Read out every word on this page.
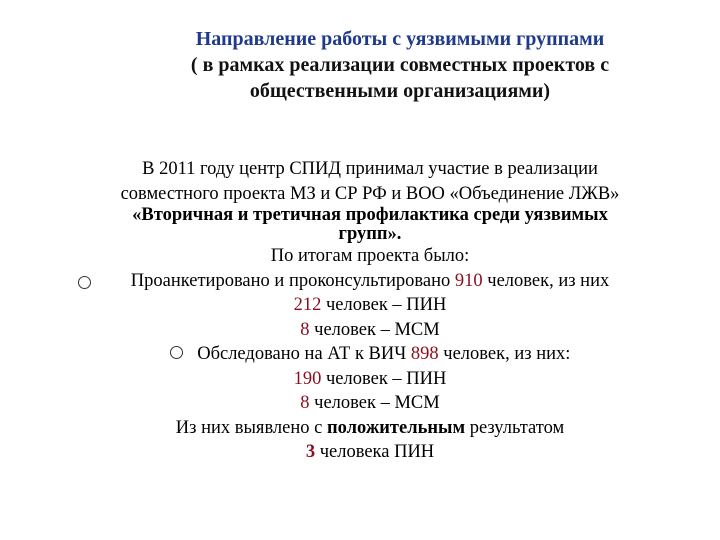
Направление работы с уязвимыми группами
( в рамках реализации совместных проектов с
общественными организациями)
В 2011 году центр СПИД принимал участие в реализации
совместного проекта МЗ и СР РФ и ВОО «Объединение ЛЖВ»
«Вторичная и третичная профилактика среди уязвимых
групп».
По итогам проекта было:
Проанкетировано и проконсультировано 910 человек, из них
212 человек – ПИН
8 человек – МСМ
Обследовано на АТ к ВИЧ 898 человек, из них:
190 человек – ПИН
8 человек – МСМ
Из них выявлено с положительным результатом
3 человека ПИН
